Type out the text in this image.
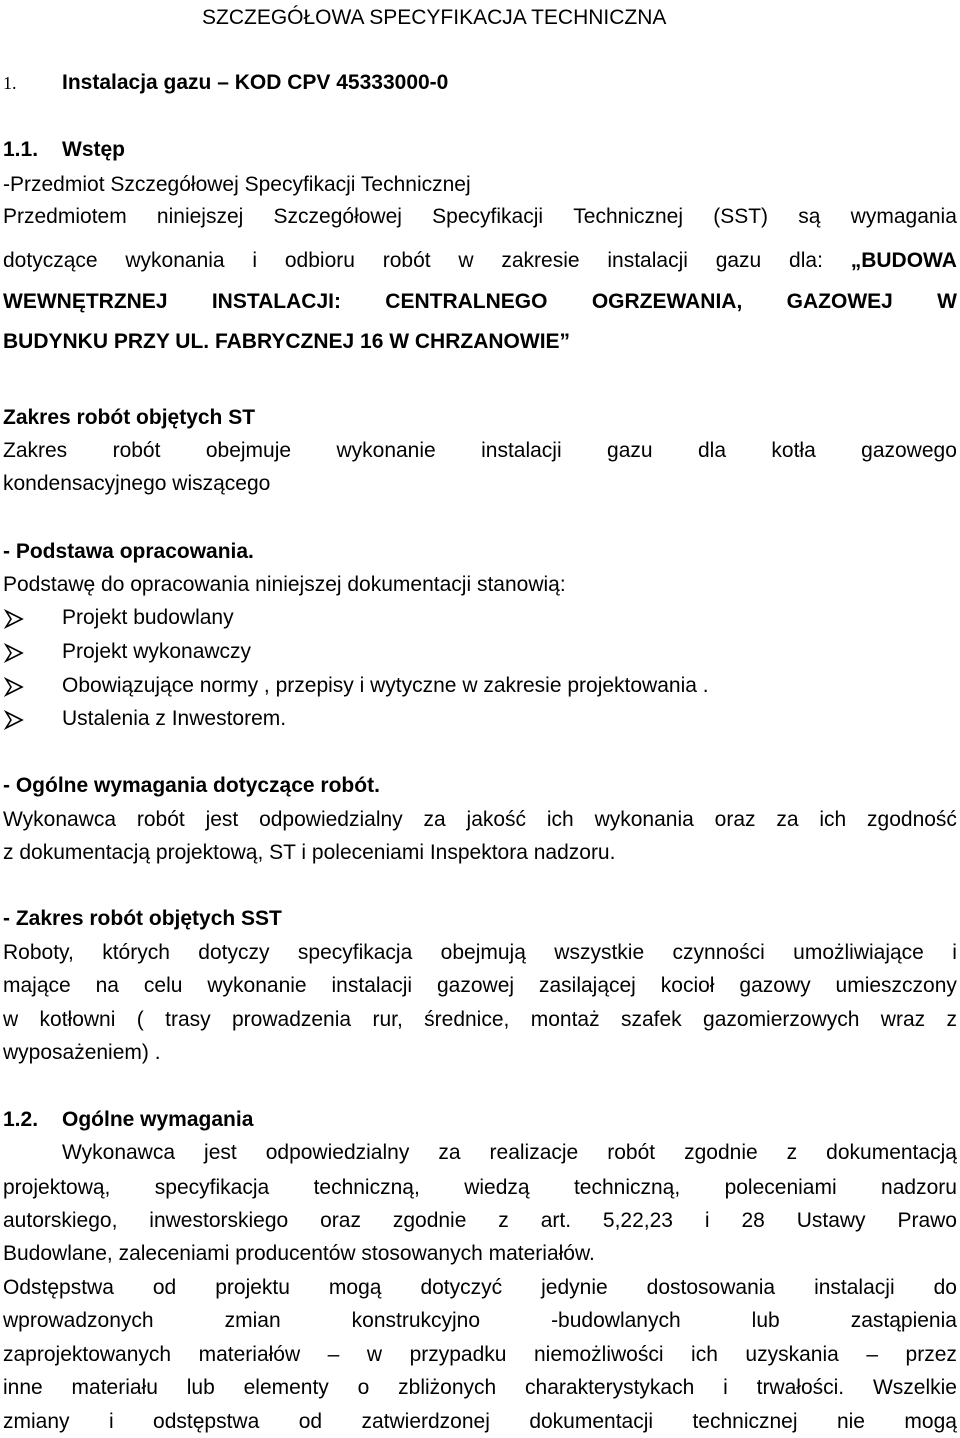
SZCZEGÓŁOWA SPECYFIKACJA TECHNICZNA
1. Instalacja gazu – KOD CPV 45333000-0
1.1. Wstęp
-Przedmiot Szczegółowej Specyfikacji Technicznej
Przedmiotem niniejszej Szczegółowej Specyfikacji Technicznej (SST) są wymagania
dotyczące wykonania i odbioru robót w zakresie instalacji gazu dla: „BUDOWA
WEWNĘTRZNEJ INSTALACJI: CENTRALNEGO OGRZEWANIA, GAZOWEJ W
BUDYNKU PRZY UL. FABRYCZNEJ 16 W CHRZANOWIE”
Zakres robót objętych ST
Zakres robót obejmuje wykonanie instalacji gazu dla kotła gazowego
kondensacyjnego wiszącego
- Podstawa opracowania.
Podstawę do opracowania niniejszej dokumentacji stanowią:
Projekt budowlany
Projekt wykonawczy
Obowiązujące normy , przepisy i wytyczne w zakresie projektowania .
Ustalenia z Inwestorem.
- Ogólne wymagania dotyczące robót.
Wykonawca robót jest odpowiedzialny za jakość ich wykonania oraz za ich zgodność
z dokumentacją projektową, ST i poleceniami Inspektora nadzoru.
- Zakres robót objętych SST
Roboty, których dotyczy specyfikacja obejmują wszystkie czynności umożliwiające i
mające na celu wykonanie instalacji gazowej zasilającej kocioł gazowy umieszczony
w kotłowni ( trasy prowadzenia rur, średnice, montaż szafek gazomierzowych wraz z
wyposażeniem) .
1.2. Ogólne wymagania
Wykonawca jest odpowiedzialny za realizacje robót zgodnie z dokumentacją
projektową, specyfikacja techniczną, wiedzą techniczną, poleceniami nadzoru
autorskiego, inwestorskiego oraz zgodnie z art. 5,22,23 i 28 Ustawy Prawo
Budowlane, zaleceniami producentów stosowanych materiałów.
Odstępstwa od projektu mogą dotyczyć jedynie dostosowania instalacji do
wprowadzonych	zmian	konstrukcyjno	-budowlanych	lub	zastąpienia
zaprojektowanych materiałów – w przypadku niemożliwości ich uzyskania – przez
inne materiału lub elementy o zbliżonych charakterystykach i trwałości. Wszelkie
zmiany i odstępstwa od zatwierdzonej dokumentacji technicznej nie mogą
